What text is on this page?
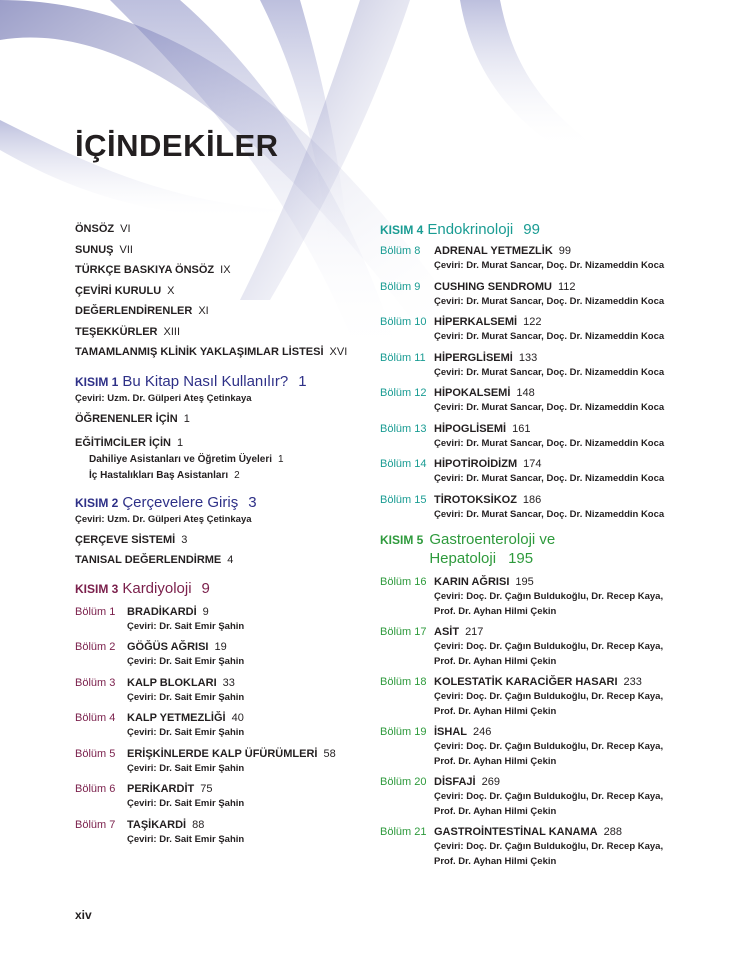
İÇİNDEKİLER
ÖNSÖZ VI
SUNUŞ VII
TÜRKÇE BASKIYA ÖNSÖZ IX
ÇEVİRİ KURULU X
DEĞERLENDİRENLER XI
TEŞEKKÜRLER XIII
TAMAMLANMIŞ KLİNİK YAKLAŞIMLAR LİSTESİ XVI
KISIM 1 Bu Kitap Nasıl Kullanılır? 1
Çeviri: Uzm. Dr. Gülperi Ateş Çetinkaya
ÖĞRENENLER İÇİN 1
EĞİTİMCİLER İÇİN 1
Dahiliye Asistanları ve Öğretim Üyeleri 1
İç Hastalıkları Baş Asistanları 2
KISIM 2 Çerçevelere Giriş 3
Çeviri: Uzm. Dr. Gülperi Ateş Çetinkaya
ÇERÇEVE SİSTEMİ 3
TANISAL DEĞERLENDİRME 4
KISIM 3 Kardiyoloji 9
Bölüm 1	BRADİKARDİ 9
Çeviri: Dr. Sait Emir Şahin
Bölüm 2	GÖĞÜS AĞRISI 19
Çeviri: Dr. Sait Emir Şahin
Bölüm 3	KALP BLOKLARI 33
Çeviri: Dr. Sait Emir Şahin
Bölüm 4	KALP YETMEZLİĞİ 40
Çeviri: Dr. Sait Emir Şahin
Bölüm 5	ERİŞKİNLERDE KALP ÜFÜRÜMLERİ 58
Çeviri: Dr. Sait Emir Şahin
Bölüm 6	PERİKARDİT 75
Çeviri: Dr. Sait Emir Şahin
Bölüm 7	TAŞİKARDİ 88
Çeviri: Dr. Sait Emir Şahin
KISIM 4 Endokrinoloji 99
Bölüm 8	ADRENAL YETMEZLİK 99
Çeviri: Dr. Murat Sancar, Doç. Dr. Nizameddin Koca
Bölüm 9	CUSHING SENDROMU 112
Çeviri: Dr. Murat Sancar, Doç. Dr. Nizameddin Koca
Bölüm 10 HİPERKALSEMİ 122
Çeviri: Dr. Murat Sancar, Doç. Dr. Nizameddin Koca
Bölüm 11 HİPERGLİSEMİ 133
Çeviri: Dr. Murat Sancar, Doç. Dr. Nizameddin Koca
Bölüm 12 HİPOKALSEMİ 148
Çeviri: Dr. Murat Sancar, Doç. Dr. Nizameddin Koca
Bölüm 13 HİPOGLİSEMİ 161
Çeviri: Dr. Murat Sancar, Doç. Dr. Nizameddin Koca
Bölüm 14 HİPOTİROİDİZM 174
Çeviri: Dr. Murat Sancar, Doç. Dr. Nizameddin Koca
Bölüm 15 TİROTOKSİKOZ 186
Çeviri: Dr. Murat Sancar, Doç. Dr. Nizameddin Koca
KISIM 5 Gastroenteroloji ve
Hepatoloji 195
Bölüm 16 KARIN AĞRISI 195
Çeviri: Doç. Dr. Çağın Buldukoğlu, Dr. Recep Kaya,
Prof. Dr. Ayhan Hilmi Çekin
Bölüm 17 ASİT 217
Çeviri: Doç. Dr. Çağın Buldukoğlu, Dr. Recep Kaya,
Prof. Dr. Ayhan Hilmi Çekin
Bölüm 18 KOLESTATİK KARACİĞER HASARI 233
Çeviri: Doç. Dr. Çağın Buldukoğlu, Dr. Recep Kaya,
Prof. Dr. Ayhan Hilmi Çekin
Bölüm 19 İSHAL 246
Çeviri: Doç. Dr. Çağın Buldukoğlu, Dr. Recep Kaya,
Prof. Dr. Ayhan Hilmi Çekin
Bölüm 20 DİSFAJİ 269
Çeviri: Doç. Dr. Çağın Buldukoğlu, Dr. Recep Kaya,
Prof. Dr. Ayhan Hilmi Çekin
Bölüm 21 GASTROİNTESTİNAL KANAMA 288
Çeviri: Doç. Dr. Çağın Buldukoğlu, Dr. Recep Kaya,
Prof. Dr. Ayhan Hilmi Çekin
xiv
